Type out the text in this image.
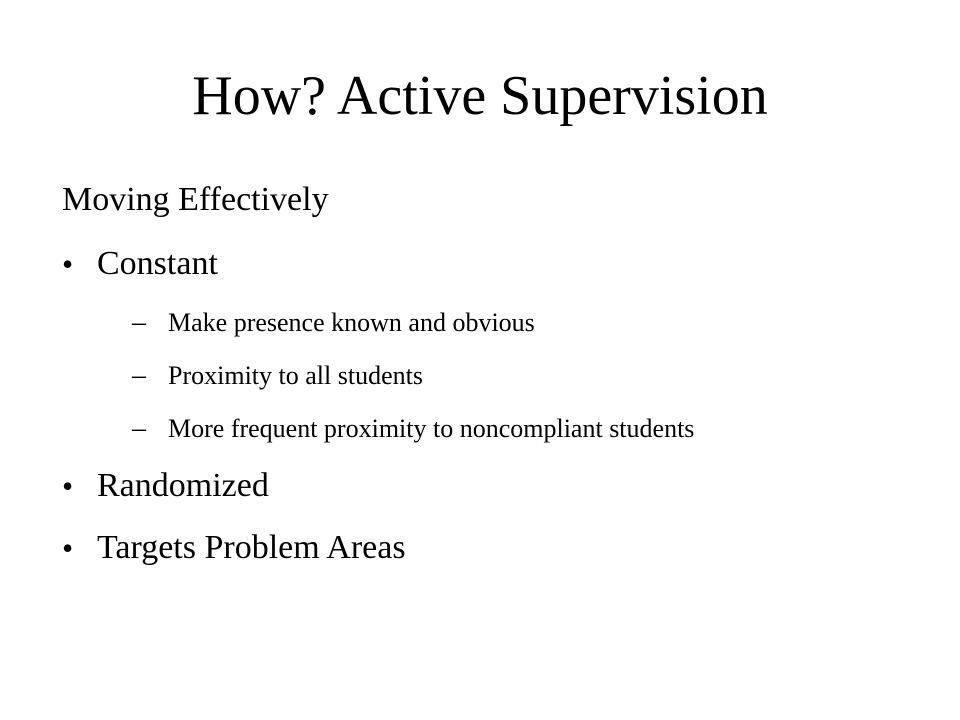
How? Active Supervision
Moving Effectively
• Constant
– Make presence known and obvious
– Proximity to all students
– More frequent proximity to noncompliant students
• Randomized
• Targets Problem Areas
